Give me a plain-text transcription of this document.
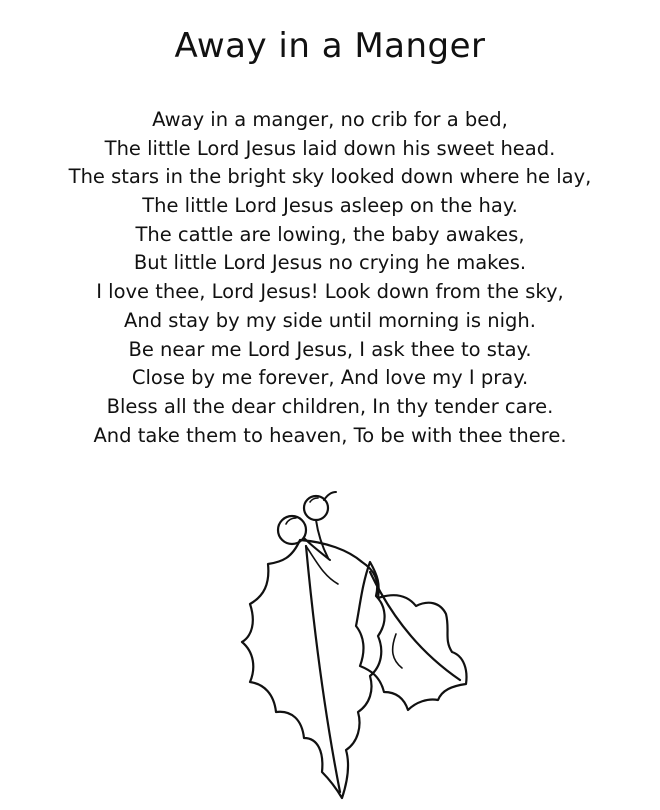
Away in a Manger
Away in a manger, no crib for a bed,
The little Lord Jesus laid down his sweet head.
The stars in the bright sky looked down where he lay,
The little Lord Jesus asleep on the hay.
The cattle are lowing, the baby awakes,
But little Lord Jesus no crying he makes.
I love thee, Lord Jesus! Look down from the sky,
And stay by my side until morning is nigh.
Be near me Lord Jesus, I ask thee to stay.
Close by me forever, And love my I pray.
Bless all the dear children, In thy tender care.
And take them to heaven, To be with thee there.
